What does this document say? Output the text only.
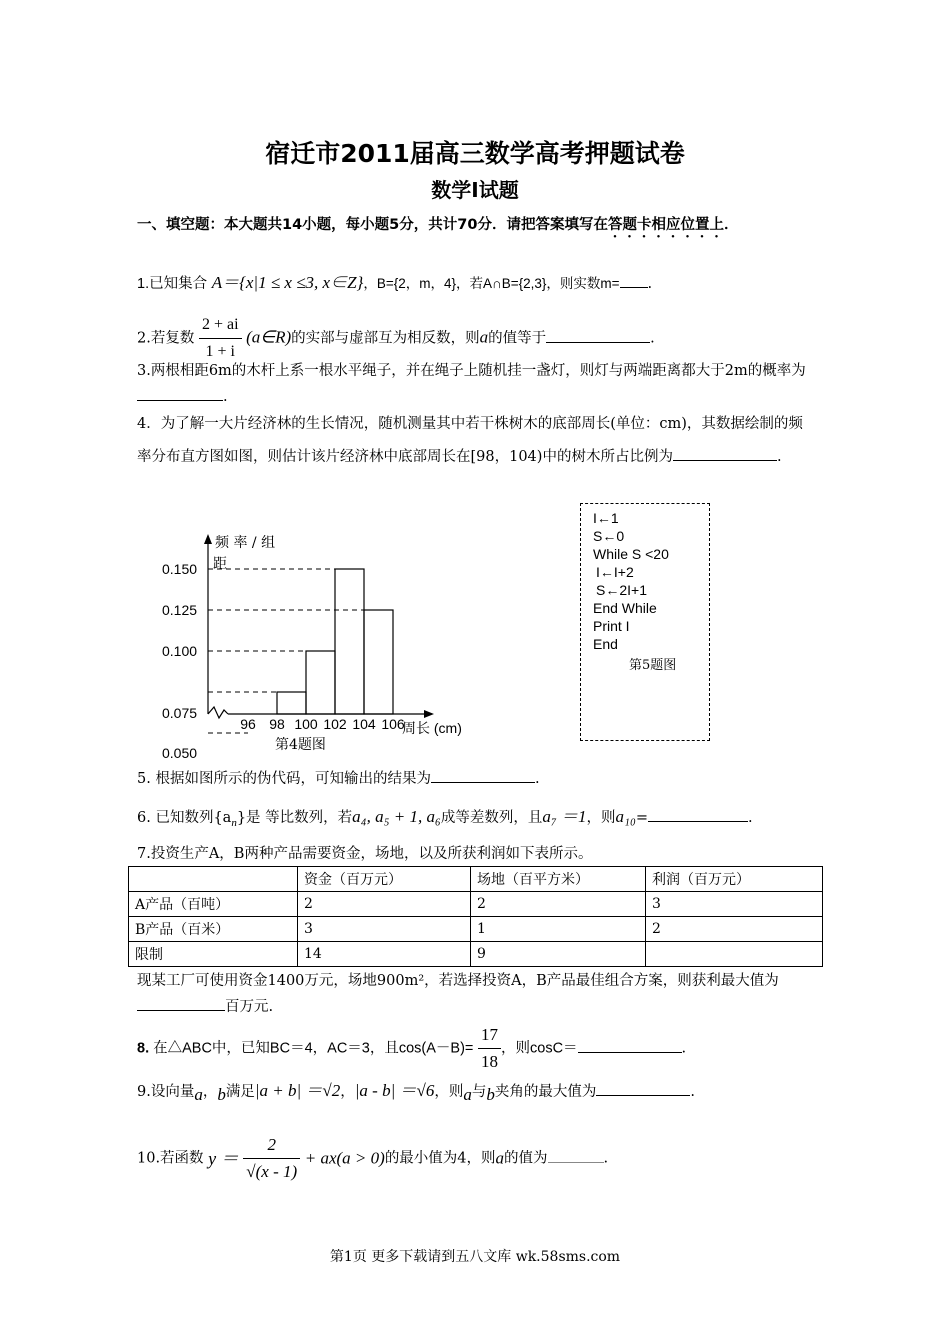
宿迁市2011届高三数学高考押题试卷
数学Ⅰ试题
一、填空题：本大题共14小题，每小题5分，共计70分．请把答案填写在答题卡相应位置上．
1.已知集合 A＝{x|1 ≤ x ≤3, x∈Z}，B={2，m，4}，若A∩B={2,3}，则实数m= .
2.若复数 $\frac{2 + ai}{1 + i}$ (a∈R)的实部与虚部互为相反数，则a的值等于	.
3.两根相距6m的木杆上系一根水平绳子，并在绳子上随机挂一盏灯，则灯与两端距离都大于2m的概率为.
4．为了解一大片经济林的生长情况，随机测量其中若干株树木的底部周长(单位：cm)，其数据绘制的频率分布直方图如图，则估计该片经济林中底部周长在[98，104)中的树木所占比例为	.
0.150
0.125
0.100
0.075
0.050
96 98 100 102 104 106
频 率 / 组
距
周长 (cm)
第4题图
I←1
S←0
While S <20
I←I+2
S←2I+1
End While
Print I
End
第5题图
5. 根据如图所示的伪代码，可知输出的结果为	.
6. 已知数列$\{a_n\}$是 等比数列，若a₄, a₅ + 1, a₆成等差数列，且a₇ ＝1，则a₁₀=	.
7.投资生产A，B两种产品需要资金，场地，以及所获利润如下表所示。
	资金（百万元）	场地（百平方米）	利润（百万元）
A产品（百吨）	2	2	3
B产品（百米）	3	1	2
限制	14	9	
现某工厂可使用资金1400万元，场地900m²，若选择投资A，B产品最佳组合方案，则获利最大值为百万元.
8. 在△ABC中，已知BC＝4，AC＝3，且$\cos(A-B)= \frac{17}{18}$ ，则cosC＝	.
9.设向量$_a$，$_b$满足|a + b| ＝√2，|a - b| ＝√6，则$_a$与$_b$夹角的最大值为	.
10.若函数 $y = \frac{2}{√(x - 1)} + ax(a > 0)$的最小值为4，则a的值为	.
第1页 更多下载请到五八文库 wk.58sms.com
